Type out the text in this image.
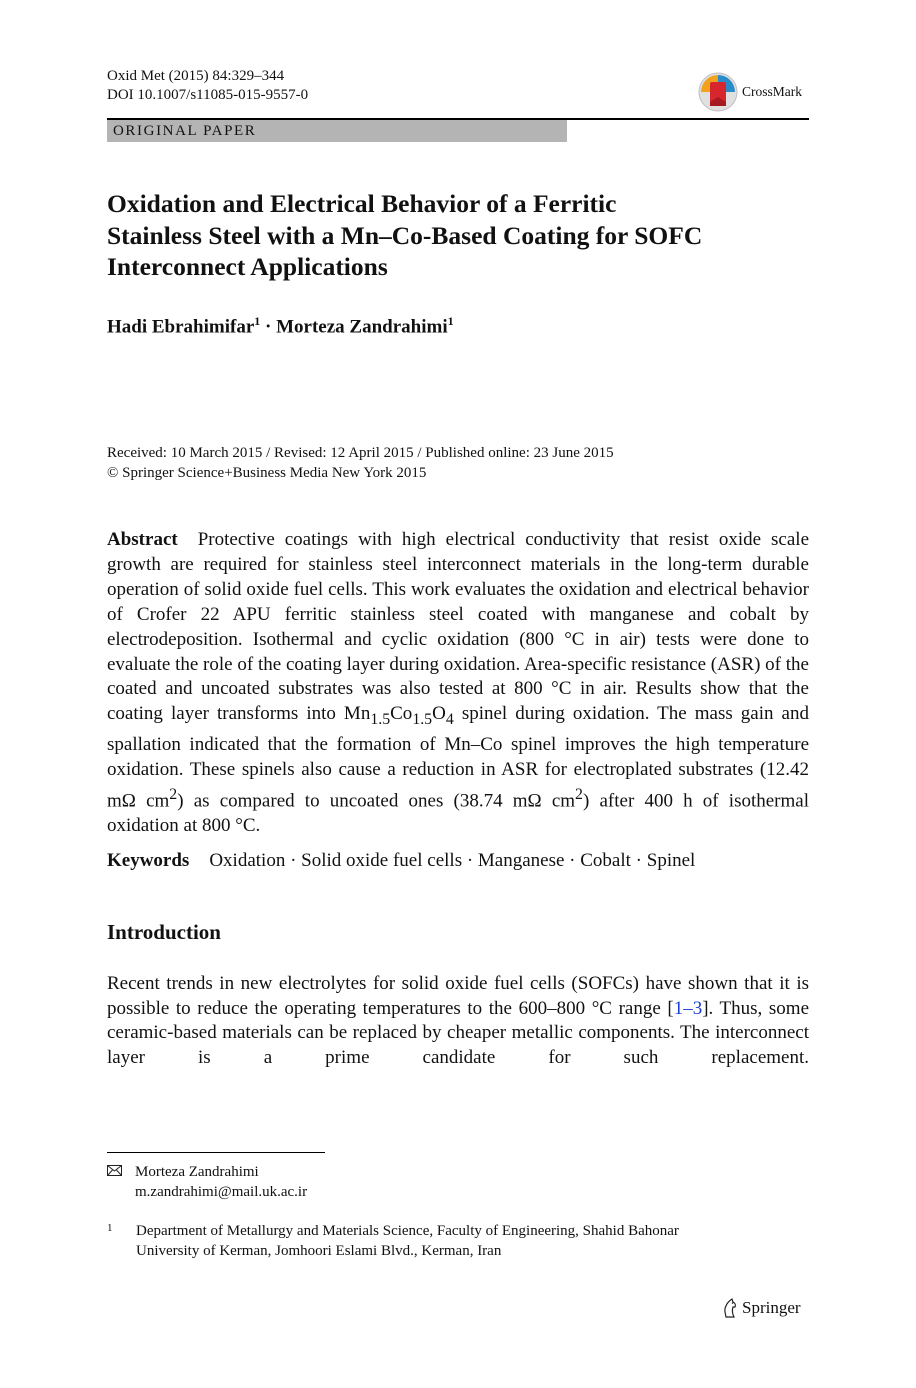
Oxid Met (2015) 84:329–344
DOI 10.1007/s11085-015-9557-0	CrossMark
ORIGINAL PAPER
Oxidation and Electrical Behavior of a Ferritic
Stainless Steel with a Mn–Co-Based Coating for SOFC
Interconnect Applications
Hadi Ebrahimifar$^1$ · Morteza Zandrahimi$^1$
Received: 10 March 2015 / Revised: 12 April 2015 / Published online: 23 June 2015
© Springer Science+Business Media New York 2015
Abstract Protective coatings with high electrical conductivity that resist oxide scale growth are required for stainless steel interconnect materials in the long-term durable operation of solid oxide fuel cells. This work evaluates the oxidation and electrical behavior of Crofer 22 APU ferritic stainless steel coated with manganese and cobalt by electrodeposition. Isothermal and cyclic oxidation (800 °C in air) tests were done to evaluate the role of the coating layer during oxidation. Area-specific resistance (ASR) of the coated and uncoated substrates was also tested at 800 °C in air. Results show that the coating layer transforms into $Mn_{1.5}Co_{1.5}O_4$ spinel during oxidation. The mass gain and spallation indicated that the formation of Mn–Co spinel improves the high temperature oxidation. These spinels also cause a reduction in ASR for electroplated substrates (12.42 mΩ $cm^2$) as compared to uncoated ones (38.74 mΩ $cm^2$) after 400 h of isothermal oxidation at 800 °C.
Keywords Oxidation · Solid oxide fuel cells · Manganese · Cobalt · Spinel
Introduction
Recent trends in new electrolytes for solid oxide fuel cells (SOFCs) have shown that it is possible to reduce the operating temperatures to the 600–800 °C range [1–3]. Thus, some ceramic-based materials can be replaced by cheaper metallic components. The interconnect layer is a prime candidate for such replacement.
Morteza Zandrahimi
m.zandrahimi@mail.uk.ac.ir
1	Department of Metallurgy and Materials Science, Faculty of Engineering, Shahid Bahonar
University of Kerman, Jomhoori Eslami Blvd., Kerman, Iran
Springer
